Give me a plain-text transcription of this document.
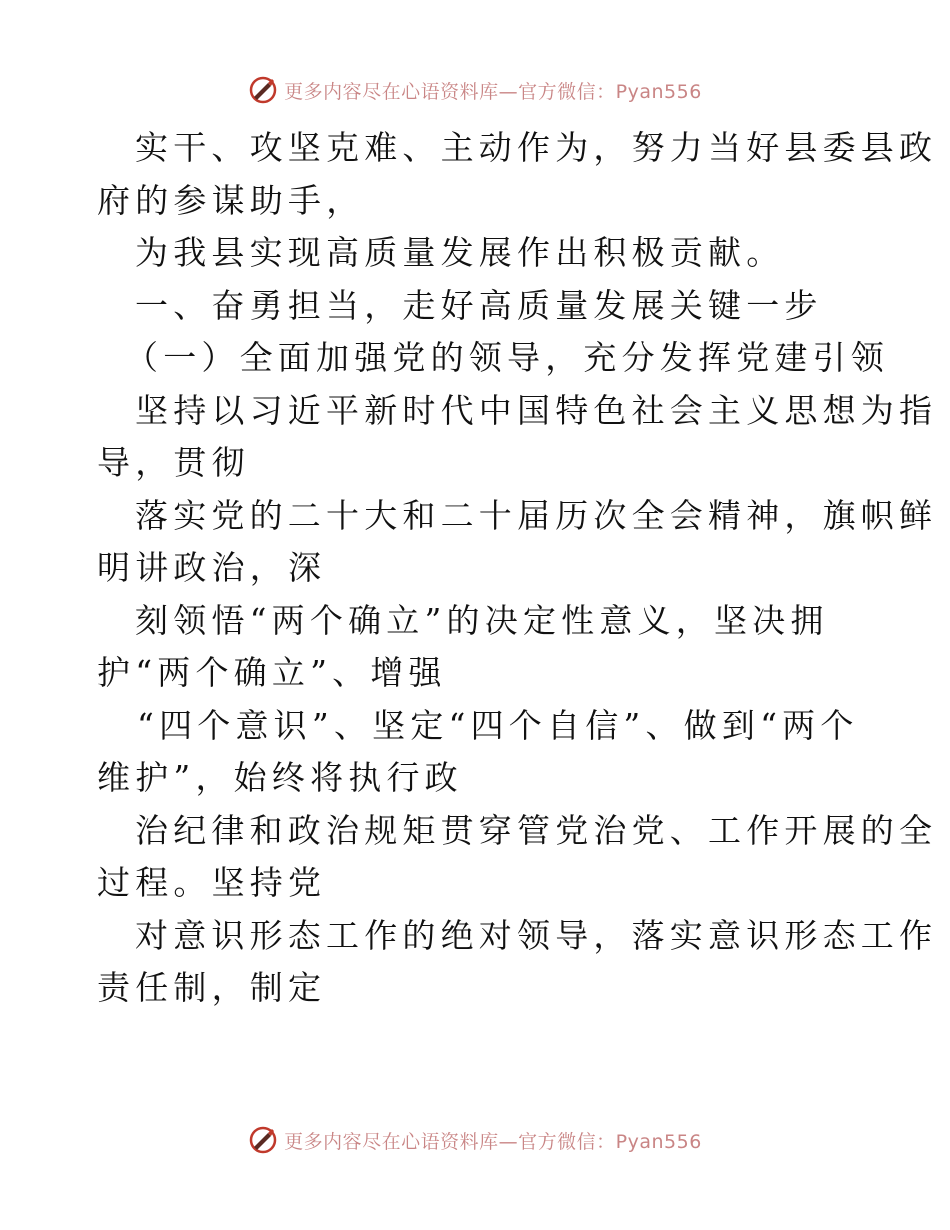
更多内容尽在心语资料库—官方微信：Pyan556
实干、攻坚克难、主动作为，努力当好县委县政
府的参谋助手，
为我县实现高质量发展作出积极贡献。
一、奋勇担当，走好高质量发展关键一步
（一）全面加强党的领导，充分发挥党建引领
坚持以习近平新时代中国特色社会主义思想为指
导，贯彻
落实党的二十大和二十届历次全会精神，旗帜鲜
明讲政治，深
刻领悟“两个确立”的决定性意义，坚决拥
护“两个确立”、增强
“四个意识”、坚定“四个自信”、做到“两个
维护”，始终将执行政
治纪律和政治规矩贯穿管党治党、工作开展的全
过程。坚持党
对意识形态工作的绝对领导，落实意识形态工作
责任制，制定
更多内容尽在心语资料库—官方微信：Pyan556
